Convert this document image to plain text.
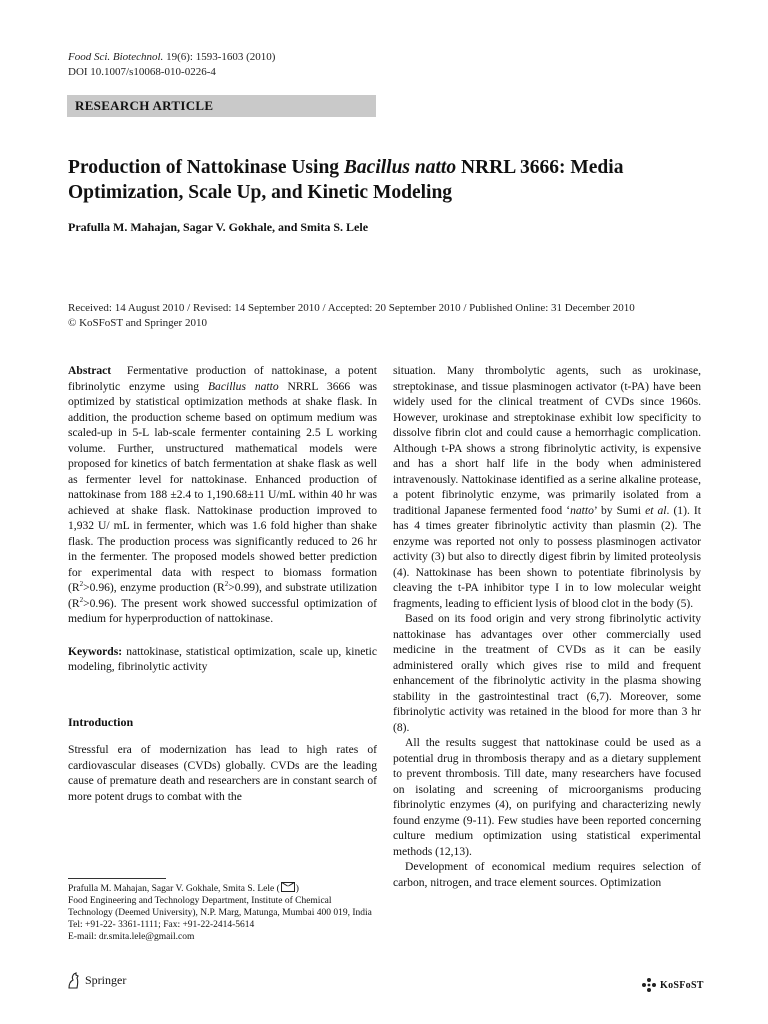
Food Sci. Biotechnol. 19(6): 1593-1603 (2010)
DOI 10.1007/s10068-010-0226-4
RESEARCH ARTICLE
Production of Nattokinase Using Bacillus natto NRRL 3666: Media Optimization, Scale Up, and Kinetic Modeling
Prafulla M. Mahajan, Sagar V. Gokhale, and Smita S. Lele
Received: 14 August 2010 / Revised: 14 September 2010 / Accepted: 20 September 2010 / Published Online: 31 December 2010
© KoSFoST and Springer 2010

Abstract Fermentative production of nattokinase, a potent fibrinolytic enzyme using Bacillus natto NRRL 3666 was optimized by statistical optimization methods at shake flask. In addition, the production scheme based on optimum medium was scaled-up in 5-L lab-scale fermenter containing 2.5 L working volume. Further, unstructured mathematical models were proposed for kinetics of batch fermentation at shake flask as well as fermenter level for nattokinase. Enhanced production of nattokinase from 188 ±2.4 to 1,190.68±11 U/mL within 40 hr was achieved at shake flask. Nattokinase production improved to 1,932 U/ mL in fermenter, which was 1.6 fold higher than shake flask. The production process was significantly reduced to 26 hr in the fermenter. The proposed models showed better prediction for experimental data with respect to biomass formation $(R^2>0.96)$, enzyme production $(R^2>0.99)$, and substrate utilization $(R^2>0.96)$. The present work showed successful optimization of medium for hyperproduction of nattokinase.

Keywords: nattokinase, statistical optimization, scale up, kinetic modeling, fibrinolytic activity

Introduction

Stressful era of modernization has lead to high rates of cardiovascular diseases (CVDs) globally. CVDs are the leading cause of premature death and researchers are in constant search of more potent drugs to combat with the

situation. Many thrombolytic agents, such as urokinase, streptokinase, and tissue plasminogen activator (t-PA) have been widely used for the clinical treatment of CVDs since 1960s. However, urokinase and streptokinase exhibit low specificity to dissolve fibrin clot and could cause a hemorrhagic complication. Although t-PA shows a strong fibrinolytic activity, is expensive and has a short half life in the body when administered intravenously. Nattokinase identified as a serine alkaline protease, a potent fibrinolytic enzyme, was primarily isolated from a traditional Japanese fermented food ‘natto’ by Sumi et al. (1). It has 4 times greater fibrinolytic activity than plasmin (2). The enzyme was reported not only to possess plasminogen activator activity (3) but also to directly digest fibrin by limited proteolysis (4). Nattokinase has been shown to potentiate fibrinolysis by cleaving the t-PA inhibitor type I in to low molecular weight fragments, leading to efficient lysis of blood clot in the body (5).

Based on its food origin and very strong fibrinolytic activity nattokinase has advantages over other commercially used medicine in the treatment of CVDs as it can be easily administered orally which gives rise to mild and frequent enhancement of the fibrinolytic activity in the plasma showing stability in the gastrointestinal tract (6,7). Moreover, some fibrinolytic activity was retained in the blood for more than 3 hr (8).

All the results suggest that nattokinase could be used as a potential drug in thrombosis therapy and as a dietary supplement to prevent thrombosis. Till date, many researchers have focused on isolating and screening of microorganisms producing fibrinolytic enzymes (4), on purifying and characterizing newly found enzyme (9-11). Few studies have been reported concerning culture medium optimization using statistical experimental methods (12,13).

Development of economical medium requires selection of carbon, nitrogen, and trace element sources. Optimization

Prafulla M. Mahajan, Sagar V. Gokhale, Smita S. Lele ( )

Food Engineering and Technology Department, Institute of Chemical Technology (Deemed University), N.P. Marg, Matunga, Mumbai 400 019, India

Tel: +91-22- 3361-1111; Fax: +91-22-2414-5614

E-mail: dr.smita.lele@gmail.com

Springer	KoSFoST
